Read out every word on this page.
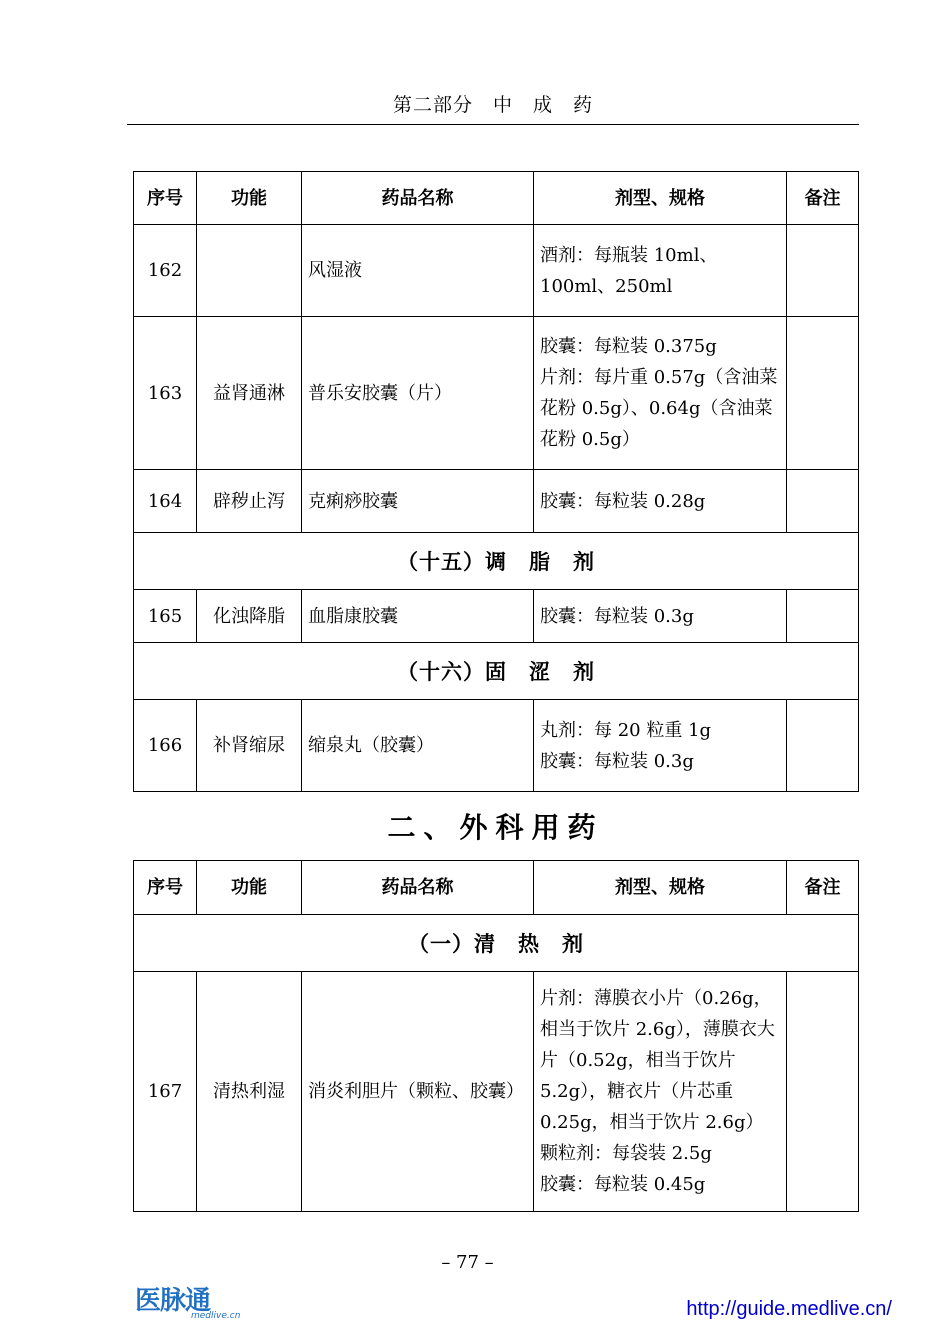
第二部分　中　成　药
序号	功能	药品名称	剂型、规格	备注
162		风湿液	酒剂：每瓶装 10ml、100ml、250ml	

163	益肾通淋	普乐安胶囊（片）	胶囊：每粒装 0.375g
片剂：每片重 0.57g（含油菜花粉 0.5g）、0.64g（含油菜花粉 0.5g）	

164	辟秽止泻	克痢痧胶囊	胶囊：每粒装 0.28g	

（十五）调　脂　剂				
165	化浊降脂	血脂康胶囊	胶囊：每粒装 0.3g	

（十六）固　涩　剂				
166	补肾缩尿	缩泉丸（胶囊）	丸剂：每 20 粒重 1g
胶囊：每粒装 0.3g	

二、外科用药
序号	功能	药品名称	剂型、规格	备注
（一）清　热　剂				
167	清热利湿	消炎利胆片（颗粒、胶囊）	片剂：薄膜衣小片（0.26g，相当于饮片 2.6g），薄膜衣大片（0.52g，相当于饮片 5.2g），糖衣片（片芯重 0.25g，相当于饮片 2.6g）
颗粒剂：每袋装 2.5g
胶囊：每粒装 0.45g	

– 77 –
医脉通
medlive.cn	http://guide.medlive.cn/
